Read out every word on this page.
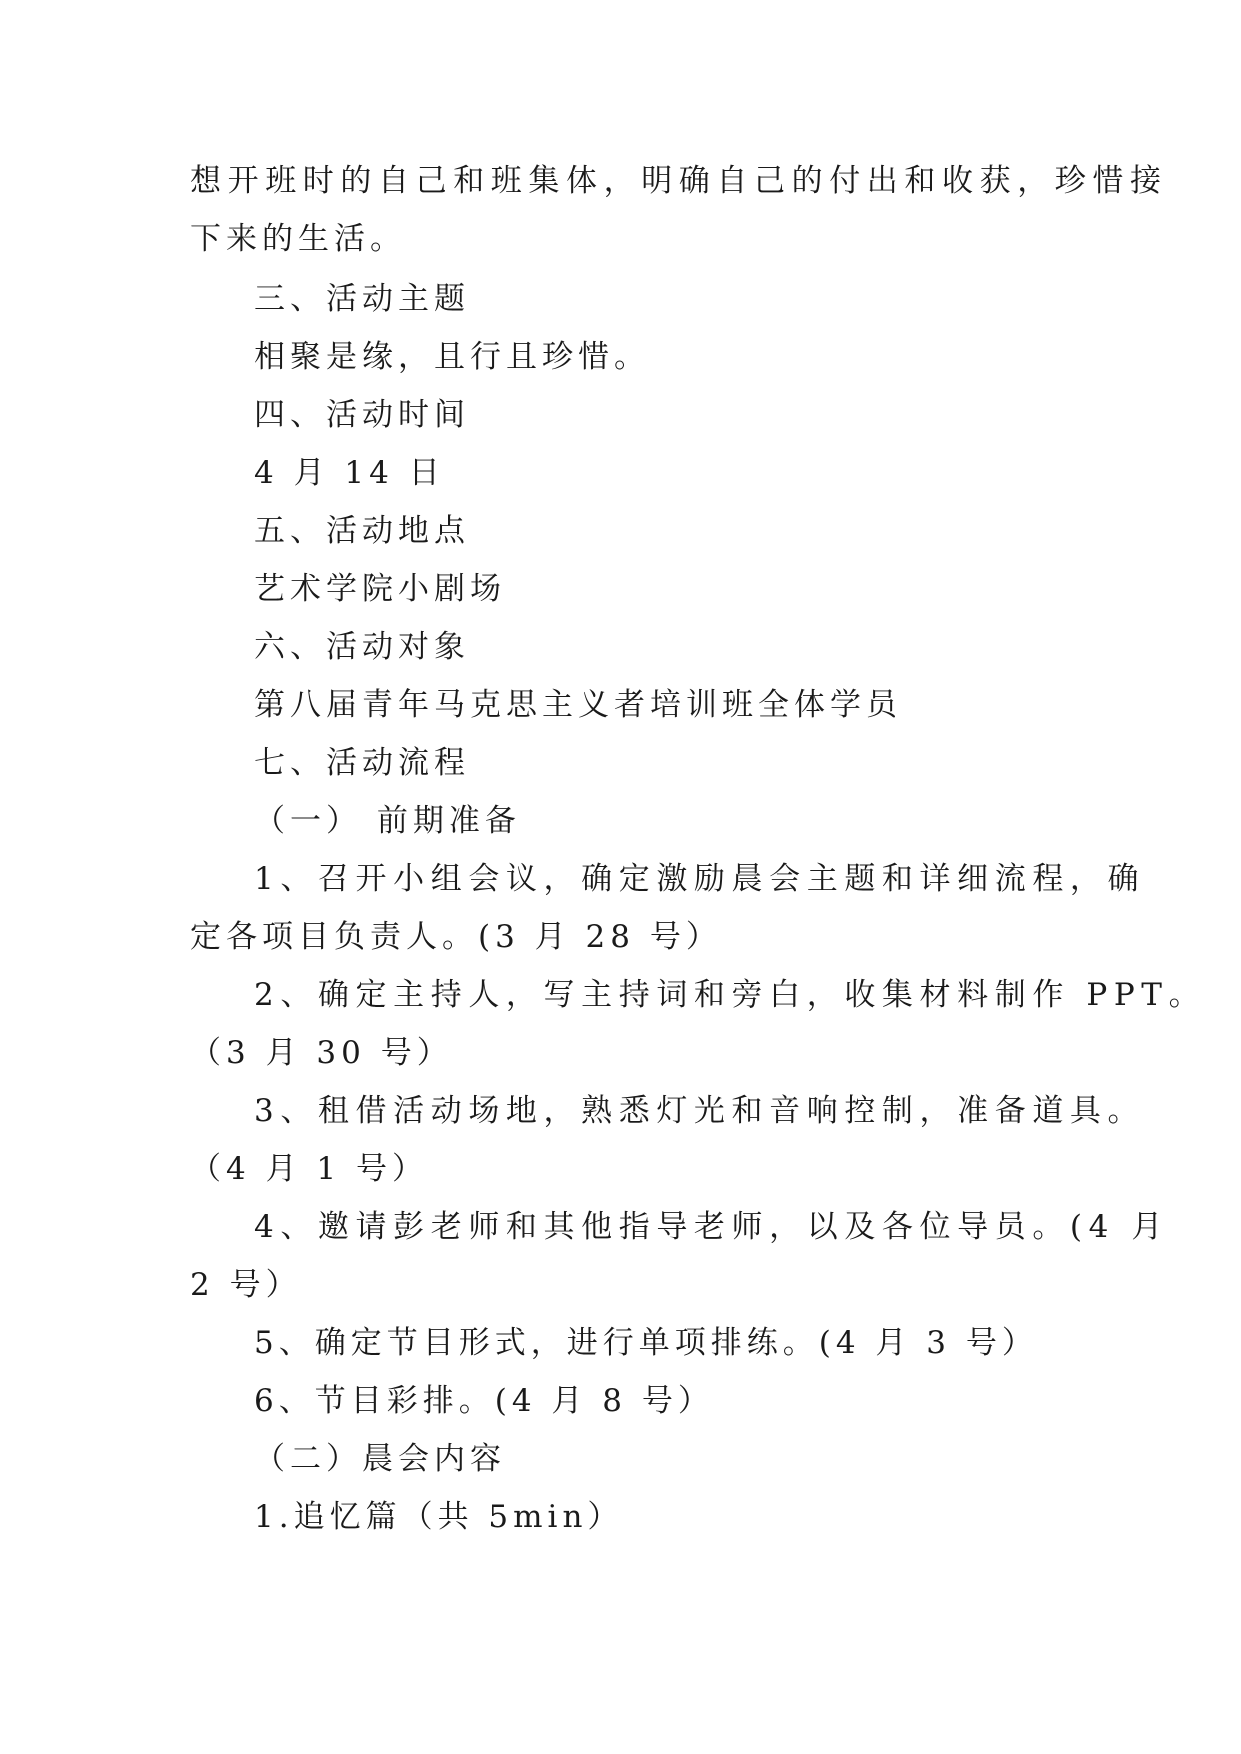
想开班时的自己和班集体，明确自己的付出和收获，珍惜接
下来的生活。
三、活动主题
相聚是缘，且行且珍惜。
四、活动时间
4 月 14 日
五、活动地点
艺术学院小剧场
六、活动对象
第八届青年马克思主义者培训班全体学员
七、活动流程
（一） 前期准备
1、召开小组会议，确定激励晨会主题和详细流程，确
定各项目负责人。(3 月 28 号）
2、确定主持人，写主持词和旁白，收集材料制作 PPT。
（3 月 30 号）
3、租借活动场地，熟悉灯光和音响控制，准备道具。
（4 月 1 号）
4、邀请彭老师和其他指导老师，以及各位导员。(4 月
2 号）
5、确定节目形式，进行单项排练。(4 月 3 号）
6、节目彩排。(4 月 8 号）
（二）晨会内容
1.追忆篇（共 5min）
